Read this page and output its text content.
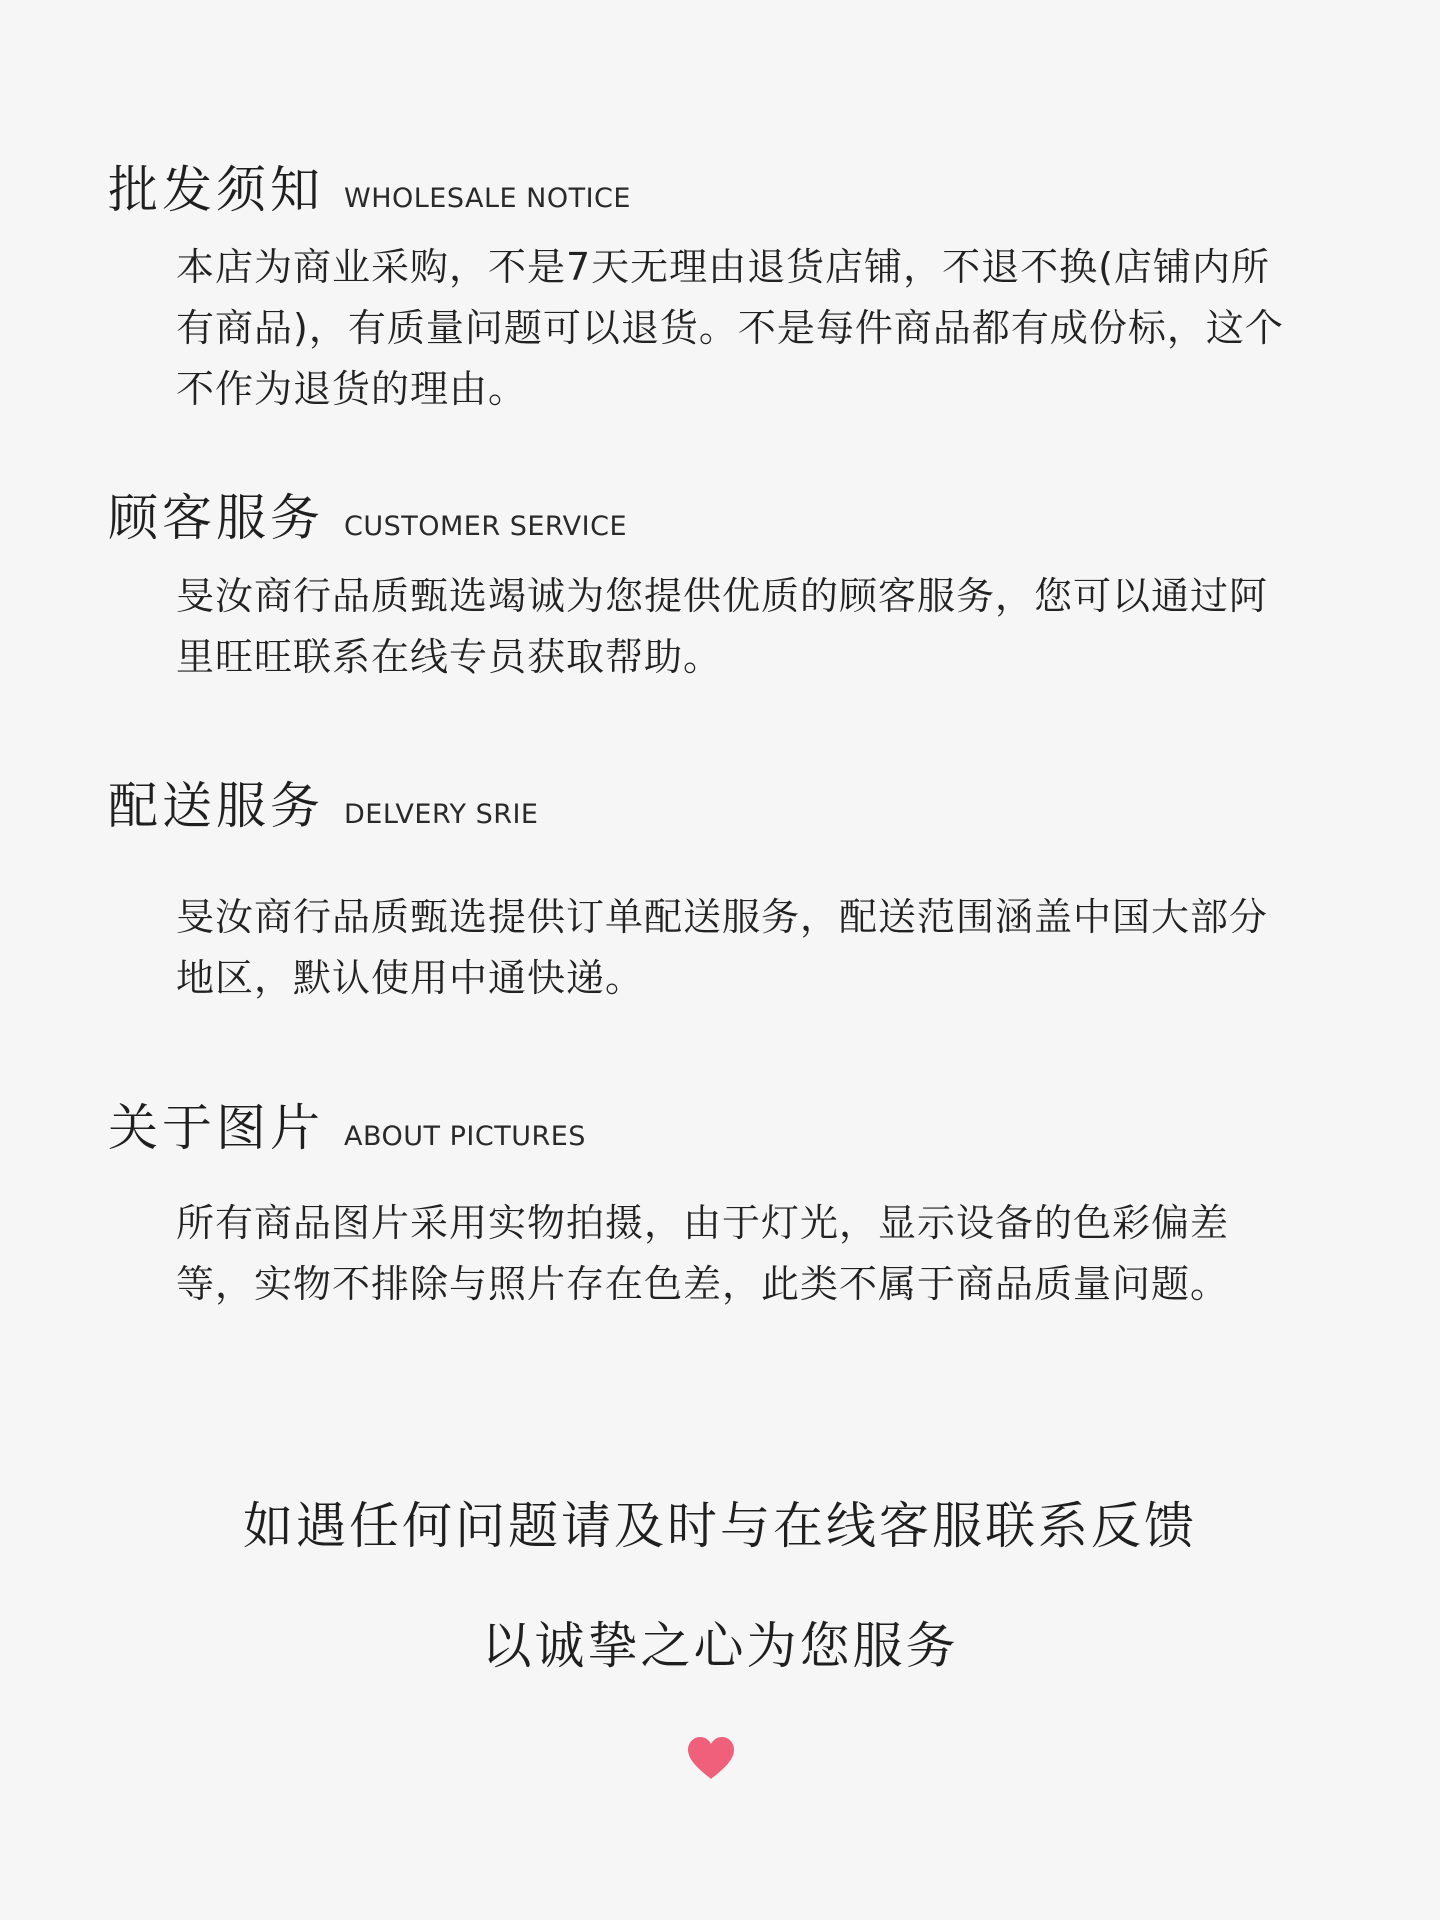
批发须知 WHOLESALE NOTICE
本店为商业采购，不是7天无理由退货店铺，不退不换(店铺内所有商品)，有质量问题可以退货。不是每件商品都有成份标，这个不作为退货的理由。
顾客服务 CUSTOMER SERVICE
旻汝商行品质甄选竭诚为您提供优质的顾客服务，您可以通过阿里旺旺联系在线专员获取帮助。
配送服务 DELVERY SRIE
旻汝商行品质甄选提供订单配送服务，配送范围涵盖中国大部分地区，默认使用中通快递。
关于图片 ABOUT PICTURES
所有商品图片采用实物拍摄，由于灯光，显示设备的色彩偏差等，实物不排除与照片存在色差，此类不属于商品质量问题。
如遇任何问题请及时与在线客服联系反馈
以诚挚之心为您服务
